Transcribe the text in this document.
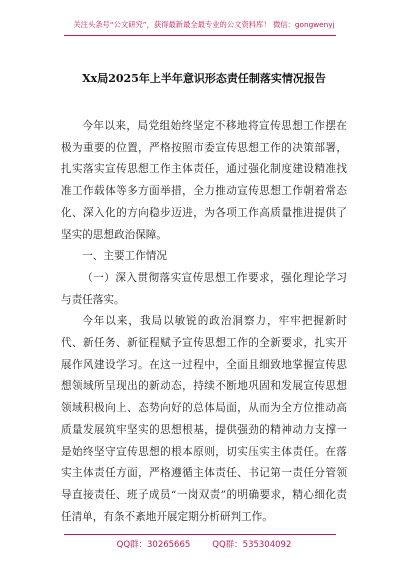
关注头条号“公文研究”，获得最新最全最专业的公文资料库！ 微信：gongwenyj
Xx局2025年上半年意识形态责任制落实情况报告

今年以来，局党组始终坚定不移地将宣传思想工作摆在极为重要的位置，严格按照市委宣传思想工作的决策部署，扎实落实宣传思想工作主体责任，通过强化制度建设精准找准工作载体等多方面举措，全力推动宣传思想工作朝着常态化、深入化的方向稳步迈进，为各项工作高质量推进提供了坚实的思想政治保障。

一、主要工作情况

（一）深入贯彻落实宣传思想工作要求，强化理论学习与责任落实。

今年以来，我局以敏锐的政治洞察力，牢牢把握新时代、新任务、新征程赋予宣传思想工作的全新要求，扎实开展作风建设学习。在这一过程中，全面且细致地掌握宣传思想领域所呈现出的新动态，持续不断地巩固和发展宣传思想领域积极向上、态势向好的总体局面，从而为全方位推动高质量发展筑牢坚实的思想根基，提供强劲的精神动力支撑一是始终坚守宣传思想的根本原则，切实压实主体责任。在落实主体责任方面，严格遵循主体责任、书记第一责任分管领导直接责任、班子成员“一岗双责”的明确要求，精心细化责任清单，有条不紊地开展定期分析研判工作。

QQ群：30265665	QQ群：535304092
